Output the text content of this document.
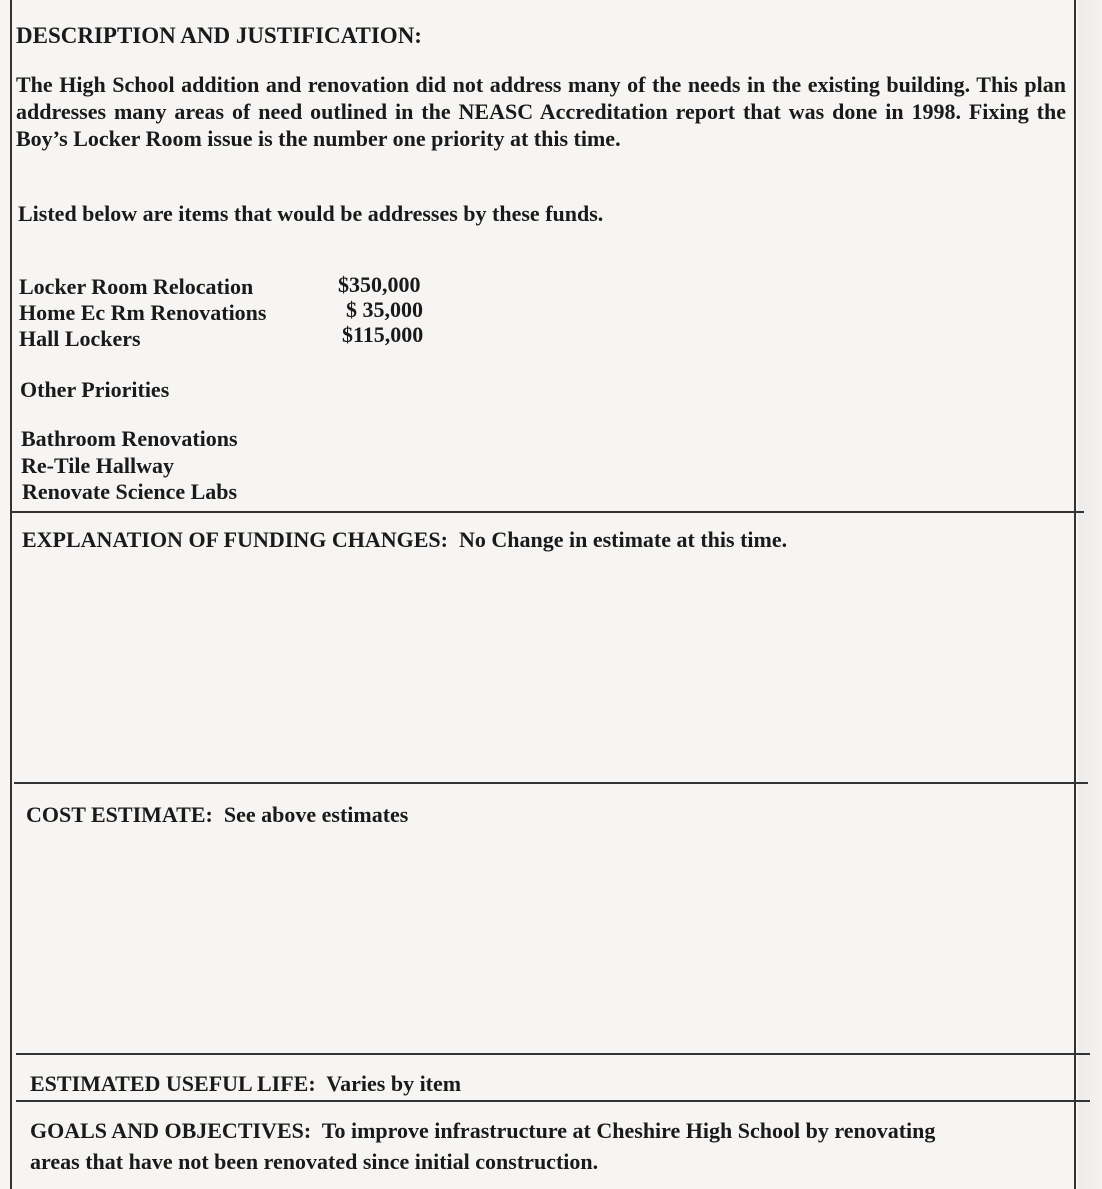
DESCRIPTION AND JUSTIFICATION:
The High School addition and renovation did not address many of the needs in the existing building. This plan addresses many areas of need outlined in the NEASC Accreditation report that was done in 1998. Fixing the Boy’s Locker Room issue is the number one priority at this time.
Listed below are items that would be addresses by these funds.
Locker Room Relocation	$350,000
Home Ec Rm Renovations	$ 35,000
Hall Lockers	$115,000
Other Priorities
Bathroom Renovations
Re-Tile Hallway
Renovate Science Labs
EXPLANATION OF FUNDING CHANGES: No Change in estimate at this time.
COST ESTIMATE: See above estimates
ESTIMATED USEFUL LIFE: Varies by item
GOALS AND OBJECTIVES: To improve infrastructure at Cheshire High School by renovating
areas that have not been renovated since initial construction.
